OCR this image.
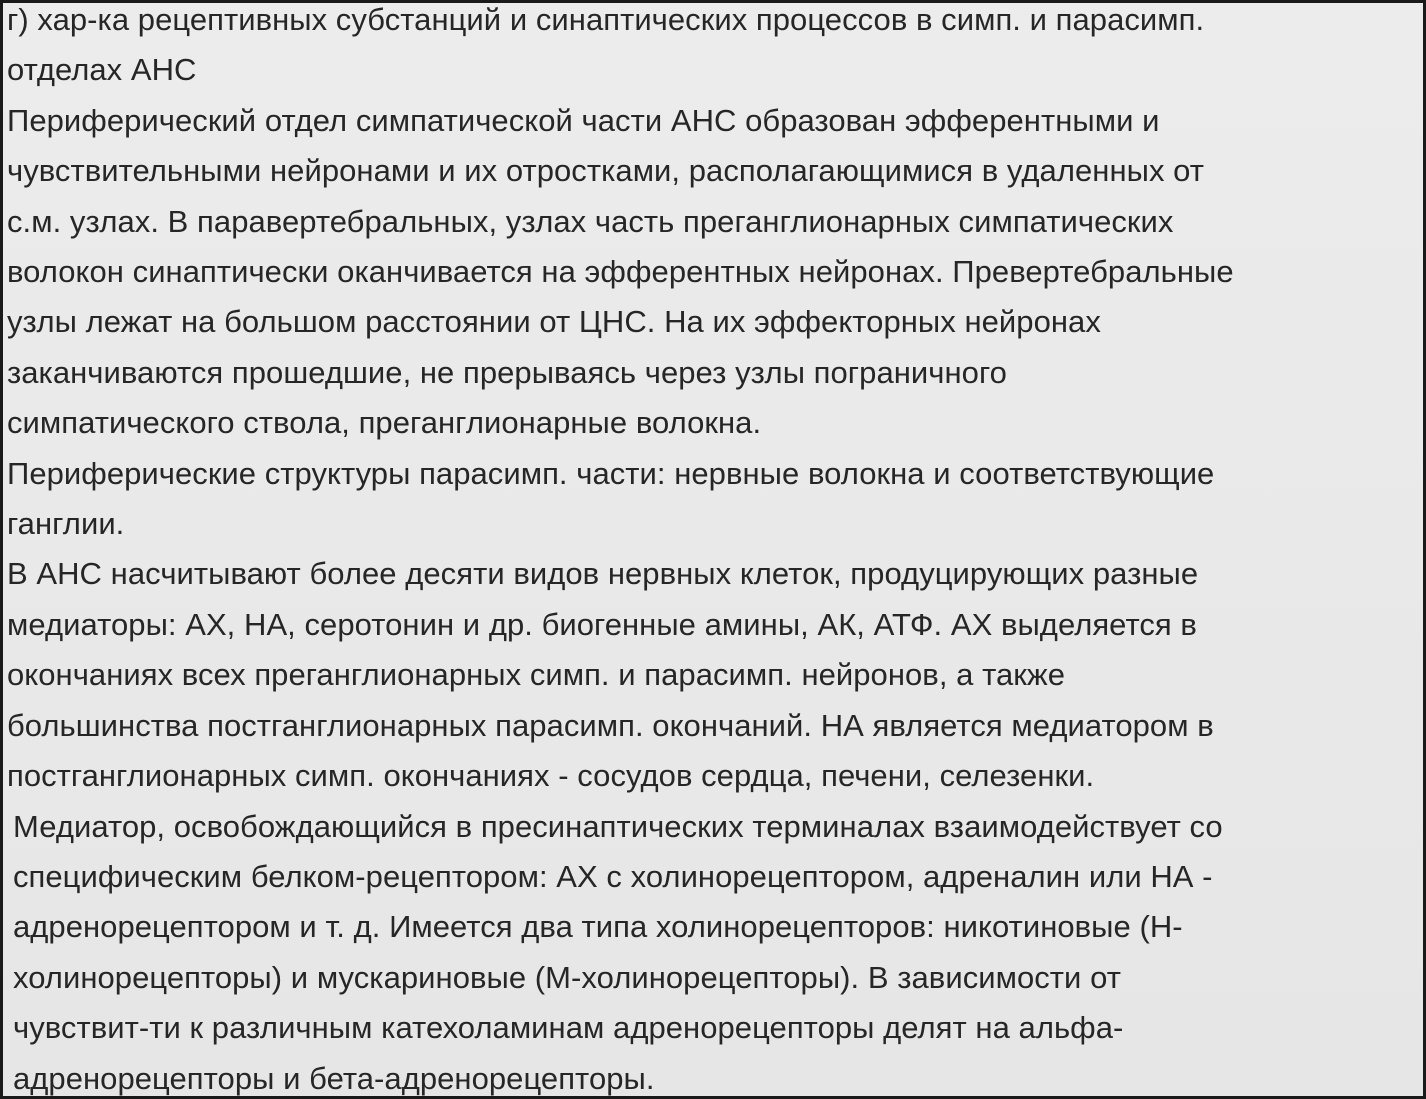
г) хар-ка рецептивных субстанций и синаптических процессов в симп. и парасимп.
отделах АНС
Периферический отдел симпатической части АНС образован эфферентными и
чувствительными нейронами и их отростками, располагающимися в удаленных от
с.м. узлах. В паравертебральных, узлах часть преганглионарных симпатических
волокон синаптически оканчивается на эфферентных нейронах. Превертебральные
узлы лежат на большом расстоянии от ЦНС. На их эффекторных нейронах
заканчиваются прошедшие, не прерываясь через узлы пограничного
симпатического ствола, преганглионарные волокна.
Периферические структуры парасимп. части: нервные волокна и соответствующие
ганглии.
В АНС насчитывают более десяти видов нервных клеток, продуцирующих разные
медиаторы: АХ, НА, серотонин и др. биогенные амины, АК, АТФ. АХ выделяется в
окончаниях всех преганглионарных симп. и парасимп. нейронов, а также
большинства постганглионарных парасимп. окончаний. НА является медиатором в
постганглионарных симп. окончаниях - сосудов сердца, печени, селезенки.
Медиатор, освобождающийся в пресинаптических терминалах взаимодействует со
специфическим белком-рецептором: АХ с холинорецептором, адреналин или НА -
адренорецептором и т. д. Имеется два типа холинорецепторов: никотиновые (Н-
холинорецепторы) и мускариновые (М-холинорецепторы). В зависимости от
чувствит-ти к различным катехоламинам адренорецепторы делят на альфа-
адренорецепторы и бета-адренорецепторы.
